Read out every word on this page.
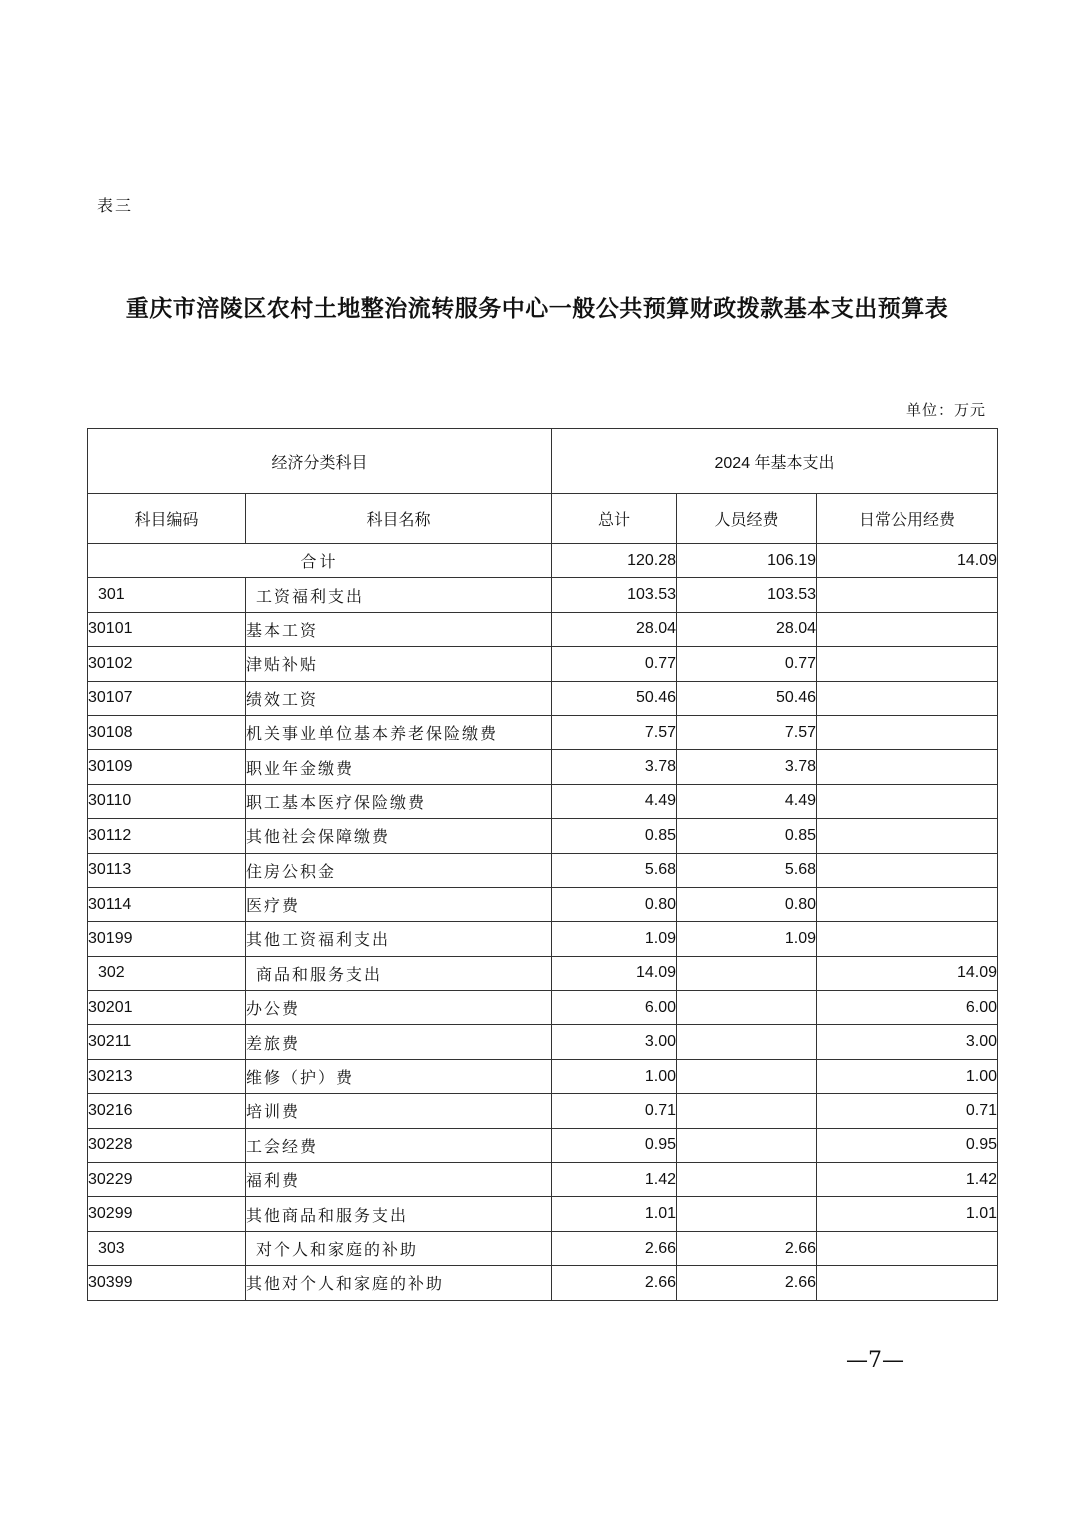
表三
重庆市涪陵区农村土地整治流转服务中心一般公共预算财政拨款基本支出预算表
单位：万元
经济分类科目		2024 年基本支出		
科目编码	科目名称	总计	人员经费	日常公用经费
合计		120.28	106.19	14.09
301	工资福利支出	103.53	103.53	
30101	基本工资	28.04	28.04	
30102	津贴补贴	0.77	0.77	
30107	绩效工资	50.46	50.46	
30108	机关事业单位基本养老保险缴费	7.57	7.57	
30109	职业年金缴费	3.78	3.78	
30110	职工基本医疗保险缴费	4.49	4.49	
30112	其他社会保障缴费	0.85	0.85	
30113	住房公积金	5.68	5.68	
30114	医疗费	0.80	0.80	
30199	其他工资福利支出	1.09	1.09	
302	商品和服务支出	14.09		14.09
30201	办公费	6.00		6.00
30211	差旅费	3.00		3.00
30213	维修（护）费	1.00		1.00
30216	培训费	0.71		0.71
30228	工会经费	0.95		0.95
30229	福利费	1.42		1.42
30299	其他商品和服务支出	1.01		1.01
303	对个人和家庭的补助	2.66	2.66	
30399	其他对个人和家庭的补助	2.66	2.66	
—7—
